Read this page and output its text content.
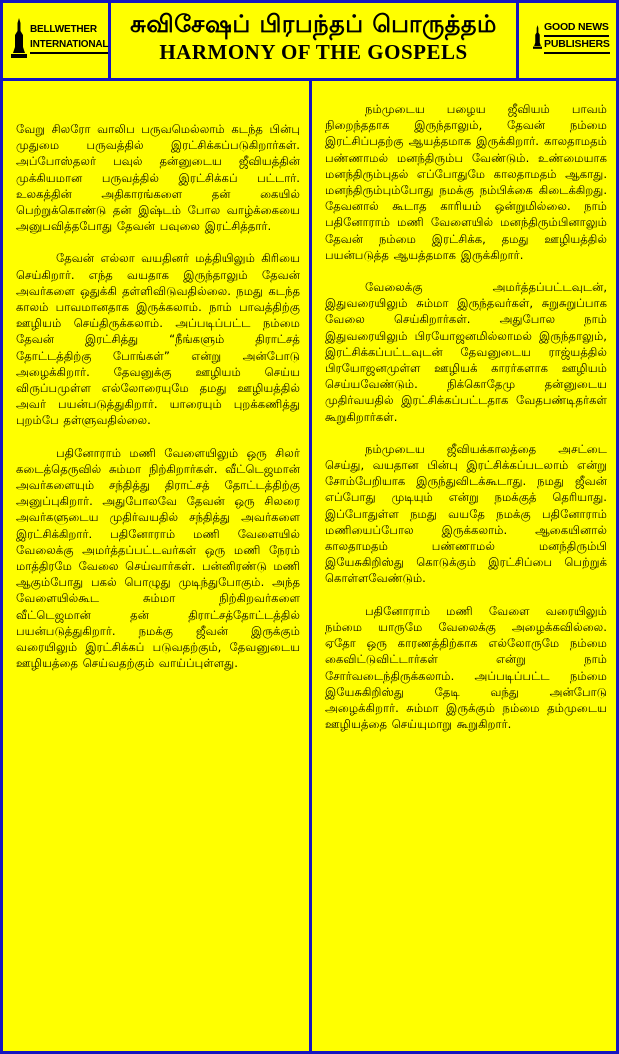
BELLWETHER
INTERNATIONAL
சுவிசேஷப் பிரபந்தப் பொருத்தம்
HARMONY OF THE GOSPELS
GOOD NEWS PUBLISHERS

வேறு சிலரோ வாலிப பருவமெல்லாம் கடந்த பின்பு முதுமை பருவத்தில் இரட்சிக்கப்படுகிறார்கள். அப்போஸ்தலர் பவுல் தன்னுடைய ஜீவியத்தின் முக்கியமான பருவத்தில் இரட்சிக்கப் பட்டார். உலகத்தின் அதிகாரங்களை தன் கையில் பெற்றுக்கொண்டு தன் இஷ்டம் போல வாழ்க்கையை அனுபவித்தபோது தேவன் பவுலை இரட்சித்தார்.

தேவன் எல்லா வயதினர் மத்தியிலும் கிரியை செய்கிறார். எந்த வயதாக இருந்தாலும் தேவன் அவர்களை ஒதுக்கி தள்ளிவிடுவதில்லை. நமது கடந்த காலம் பாவமானதாக இருக்கலாம். நாம் பாவத்திற்கு ஊழியம் செய்திருக்கலாம். அப்படிப்பட்ட நம்மை தேவன் இரட்சித்து “நீங்களும் திராட்சத் தோட்டத்திற்கு போங்கள்” என்று அன்போடு அழைக்கிறார். தேவனுக்கு ஊழியம் செய்ய விருப்பமுள்ள எல்லோரையுமே தமது ஊழியத்தில் அவர் பயன்படுத்துகிறார். யாரையும் புறக்கணித்து புறம்பே தள்ளுவதில்லை.

பதினோராம் மணி வேளையிலும் ஒரு சிலர் கடைத்தெருவில் சும்மா நிற்கிறார்கள். வீட்டெஜமான் அவர்களையும் சந்தித்து திராட்சத் தோட்டத்திற்கு அனுப்புகிறார். அதுபோலவே தேவன் ஒரு சிலரை அவர்களுடைய முதிர்வயதில் சந்தித்து அவர்களை இரட்சிக்கிறார். பதினோராம் மணி வேளையில் வேலைக்கு அமர்த்தப்பட்டவர்கள் ஒரு மணி நேரம் மாத்திரமே வேலை செய்வார்கள். பன்னிரண்டு மணி ஆகும்போது பகல் பொழுது முடிந்துபோகும். அந்த வேளையில்கூட சும்மா நிற்கிறவர்களை வீட்டெஜமான் தன் திராட்சத்தோட்டத்தில் பயன்படுத்துகிறார். நமக்கு ஜீவன் இருக்கும் வரையிலும் இரட்சிக்கப் படுவதற்கும், தேவனுடைய ஊழியத்தை செய்வதற்கும் வாய்ப்புள்ளது.

நம்முடைய பழைய ஜீவியம் பாவம் நிறைந்ததாக இருந்தாலும், தேவன் நம்மை இரட்சிப்பதற்கு ஆயத்தமாக இருக்கிறார். காலதாமதம் பண்ணாமல் மனந்திரும்ப வேண்டும். உண்மையாக மனந்திரும்புதல் எப்போதுமே காலதாமதம் ஆகாது. மனந்திரும்பும்போது நமக்கு நம்பிக்கை கிடைக்கிறது. தேவனால் கூடாத காரியம் ஒன்றுமில்லை. நாம் பதினோராம் மணி வேளையில் மனந்திரும்பினாலும் தேவன் நம்மை இரட்சிக்க, தமது ஊழியத்தில் பயன்படுத்த ஆயத்தமாக இருக்கிறார்.

வேலைக்கு அமர்த்தப்பட்டவுடன், இதுவரையிலும் சும்மா இருந்தவர்கள், சுறுசுறுப்பாக வேலை செய்கிறார்கள். அதுபோல நாம் இதுவரையிலும் பிரயோஜனமில்லாமல் இருந்தாலும், இரட்சிக்கப்பட்டவுடன் தேவனுடைய ராஜ்யத்தில் பிரயோஜனமுள்ள ஊழியக் காரர்களாக ஊழியம் செய்யவேண்டும். நிக்கொதேமு தன்னுடைய முதிர்வயதில் இரட்சிக்கப்பட்டதாக வேதபண்டிதர்கள் கூறுகிறார்கள்.

நம்முடைய ஜீவியக்காலத்தை அசட்டை செய்து, வயதான பின்பு இரட்சிக்கப்படலாம் என்று சோம்பேறியாக இருந்துவிடக்கூடாது. நமது ஜீவன் எப்போது முடியும் என்று நமக்குத் தெரியாது. இப்போதுள்ள நமது வயதே நமக்கு பதினோராம் மணியைப்போல இருக்கலாம். ஆகையினால் காலதாமதம் பண்ணாமல் மனந்திரும்பி இயேசுகிறிஸ்து கொடுக்கும் இரட்சிப்பை பெற்றுக் கொள்ளவேண்டும்.

பதினோராம் மணி வேளை வரையிலும் நம்மை யாருமே வேலைக்கு அழைக்கவில்லை. ஏதோ ஒரு காரணத்திற்காக எல்லோருமே நம்மை கைவிட்டுவிட்டார்கள் என்று நாம் சோர்வடைந்திருக்கலாம். அப்படிப்பட்ட நம்மை இயேசுகிறிஸ்து தேடி வந்து அன்போடு அழைக்கிறார். சும்மா இருக்கும் நம்மை தம்முடைய ஊழியத்தை செய்யுமாறு கூறுகிறார்.
